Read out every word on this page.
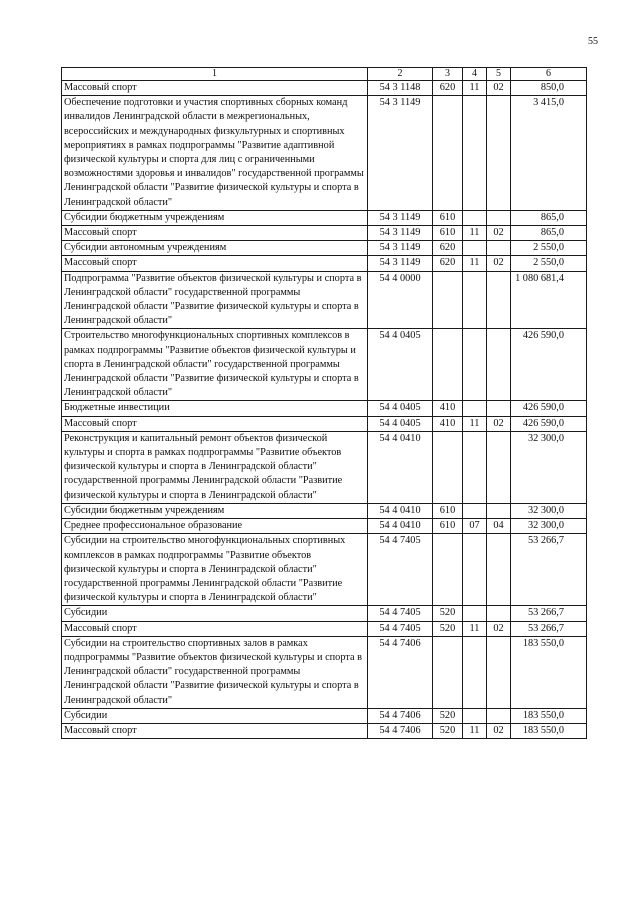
55
1	2	3	4	5	6
Массовый спорт	54 3 1148	620	11	02	850,0
Обеспечение подготовки и участия спортивных сборных команд инвалидов Ленинградской области в межрегиональных, всероссийских и международных физкультурных и спортивных мероприятиях в рамках подпрограммы "Развитие адаптивной физической культуры и спорта для лиц с ограниченными возможностями здоровья и инвалидов" государственной программы Ленинградской области "Развитие физической культуры и спорта в Ленинградской области"	54 3 1149				3 415,0
Субсидии бюджетным учреждениям	54 3 1149	610			865,0
Массовый спорт	54 3 1149	610	11	02	865,0
Субсидии автономным учреждениям	54 3 1149	620			2 550,0
Массовый спорт	54 3 1149	620	11	02	2 550,0
Подпрограмма "Развитие объектов физической культуры и спорта в Ленинградской области" государственной программы Ленинградской области "Развитие физической культуры и спорта в Ленинградской области"	54 4 0000				1 080 681,4
Строительство многофункциональных спортивных комплексов в рамках подпрограммы "Развитие объектов физической культуры и спорта в Ленинградской области" государственной программы Ленинградской области "Развитие физической культуры и спорта в Ленинградской области"	54 4 0405				426 590,0
Бюджетные инвестиции	54 4 0405	410			426 590,0
Массовый спорт	54 4 0405	410	11	02	426 590,0
Реконструкция и капитальный ремонт объектов физической культуры и спорта в рамках подпрограммы "Развитие объектов физической культуры и спорта в Ленинградской области" государственной программы Ленинградской области "Развитие физической культуры и спорта в Ленинградской области"	54 4 0410				32 300,0
Субсидии бюджетным учреждениям	54 4 0410	610			32 300,0
Среднее профессиональное образование	54 4 0410	610	07	04	32 300,0
Субсидии на строительство многофункциональных спортивных комплексов в рамках подпрограммы "Развитие объектов физической культуры и спорта в Ленинградской области" государственной программы Ленинградской области "Развитие физической культуры и спорта в Ленинградской области"	54 4 7405				53 266,7
Субсидии	54 4 7405	520			53 266,7
Массовый спорт	54 4 7405	520	11	02	53 266,7
Субсидии на строительство спортивных залов в рамках подпрограммы "Развитие объектов физической культуры и спорта в Ленинградской области" государственной программы Ленинградской области "Развитие физической культуры и спорта в Ленинградской области"	54 4 7406				183 550,0
Субсидии	54 4 7406	520			183 550,0
Массовый спорт	54 4 7406	520	11	02	183 550,0
